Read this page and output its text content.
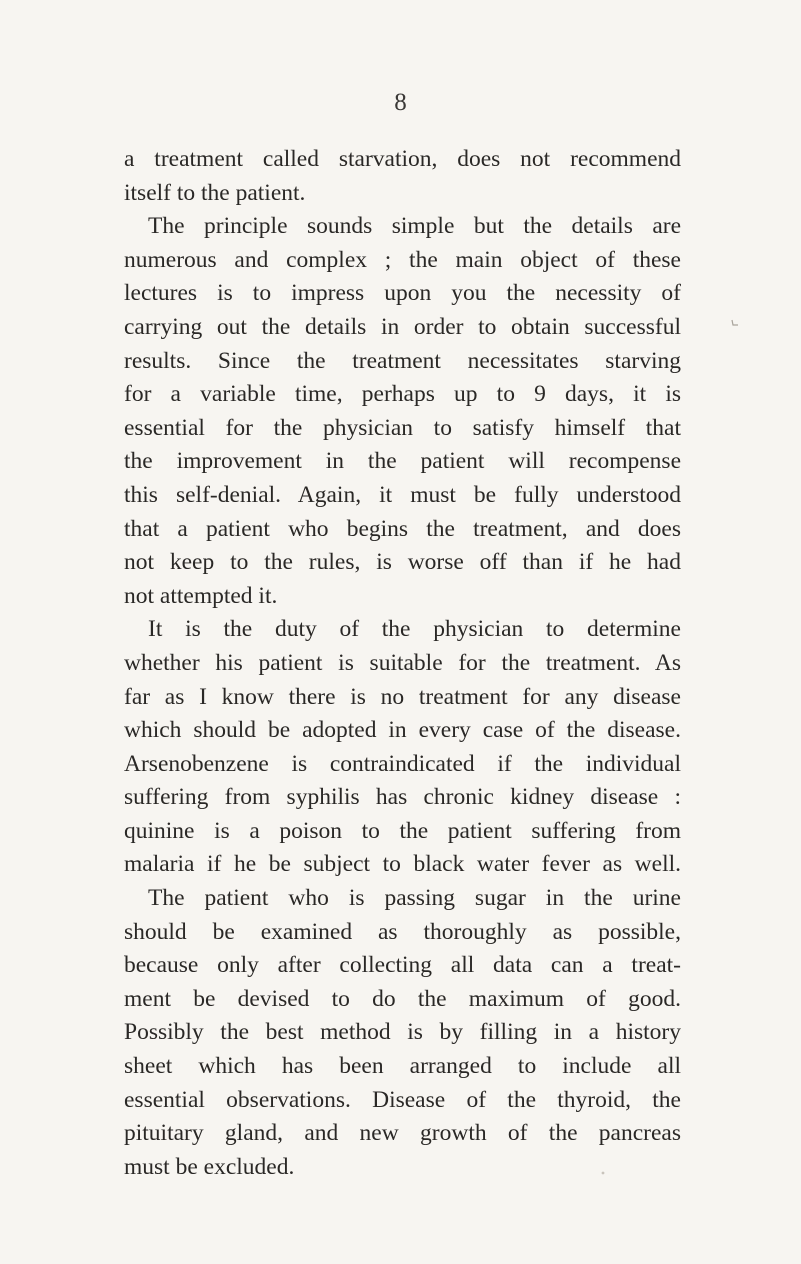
8
a treatment called starvation, does not recommend
itself to the patient.
The principle sounds simple but the details are
numerous and complex ; the main object of these
lectures is to impress upon you the necessity of
carrying out the details in order to obtain successful
results. Since the treatment necessitates starving
for a variable time, perhaps up to 9 days, it is
essential for the physician to satisfy himself that
the improvement in the patient will recompense
this self-denial. Again, it must be fully understood
that a patient who begins the treatment, and does
not keep to the rules, is worse off than if he had
not attempted it.
It is the duty of the physician to determine
whether his patient is suitable for the treatment. As
far as I know there is no treatment for any disease
which should be adopted in every case of the disease.
Arsenobenzene is contraindicated if the individual
suffering from syphilis has chronic kidney disease :
quinine is a poison to the patient suffering from
malaria if he be subject to black water fever as well.
The patient who is passing sugar in the urine
should be examined as thoroughly as possible,
because only after collecting all data can a treat-
ment be devised to do the maximum of good.
Possibly the best method is by filling in a history
sheet which has been arranged to include all
essential observations. Disease of the thyroid, the
pituitary gland, and new growth of the pancreas
must be excluded.
